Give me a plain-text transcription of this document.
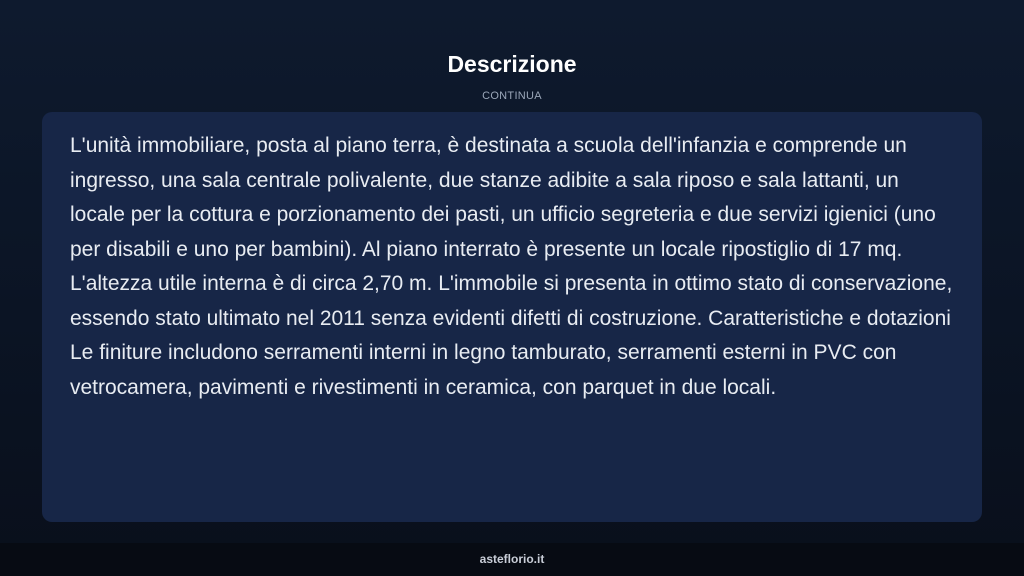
Descrizione
CONTINUA

L'unità immobiliare, posta al piano terra, è destinata a scuola dell'infanzia e comprende un ingresso, una sala centrale polivalente, due stanze adibite a sala riposo e sala lattanti, un locale per la cottura e porzionamento dei pasti, un ufficio segreteria e due servizi igienici (uno per disabili e uno per bambini). Al piano interrato è presente un locale ripostiglio di 17 mq. L'altezza utile interna è di circa 2,70 m. L'immobile si presenta in ottimo stato di conservazione, essendo stato ultimato nel 2011 senza evidenti difetti di costruzione. Caratteristiche e dotazioni Le finiture includono serramenti interni in legno tamburato, serramenti esterni in PVC con vetrocamera, pavimenti e rivestimenti in ceramica, con parquet in due locali.

asteflorio.it
